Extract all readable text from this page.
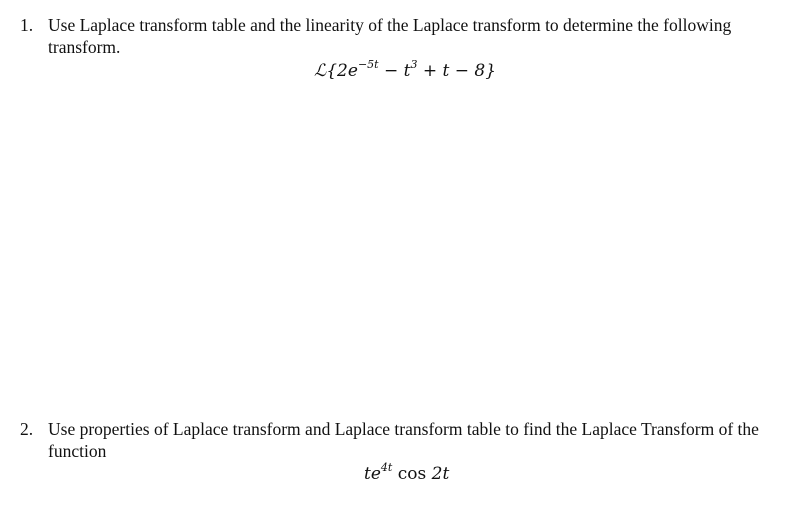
1. Use Laplace transform table and the linearity of the Laplace transform to determine the following transform.
$ℒ\{2e^{-5t} - t^3 + t - 8\}$
2. Use properties of Laplace transform and Laplace transform table to find the Laplace Transform of the function
$te^{4t}$ cos 2t
